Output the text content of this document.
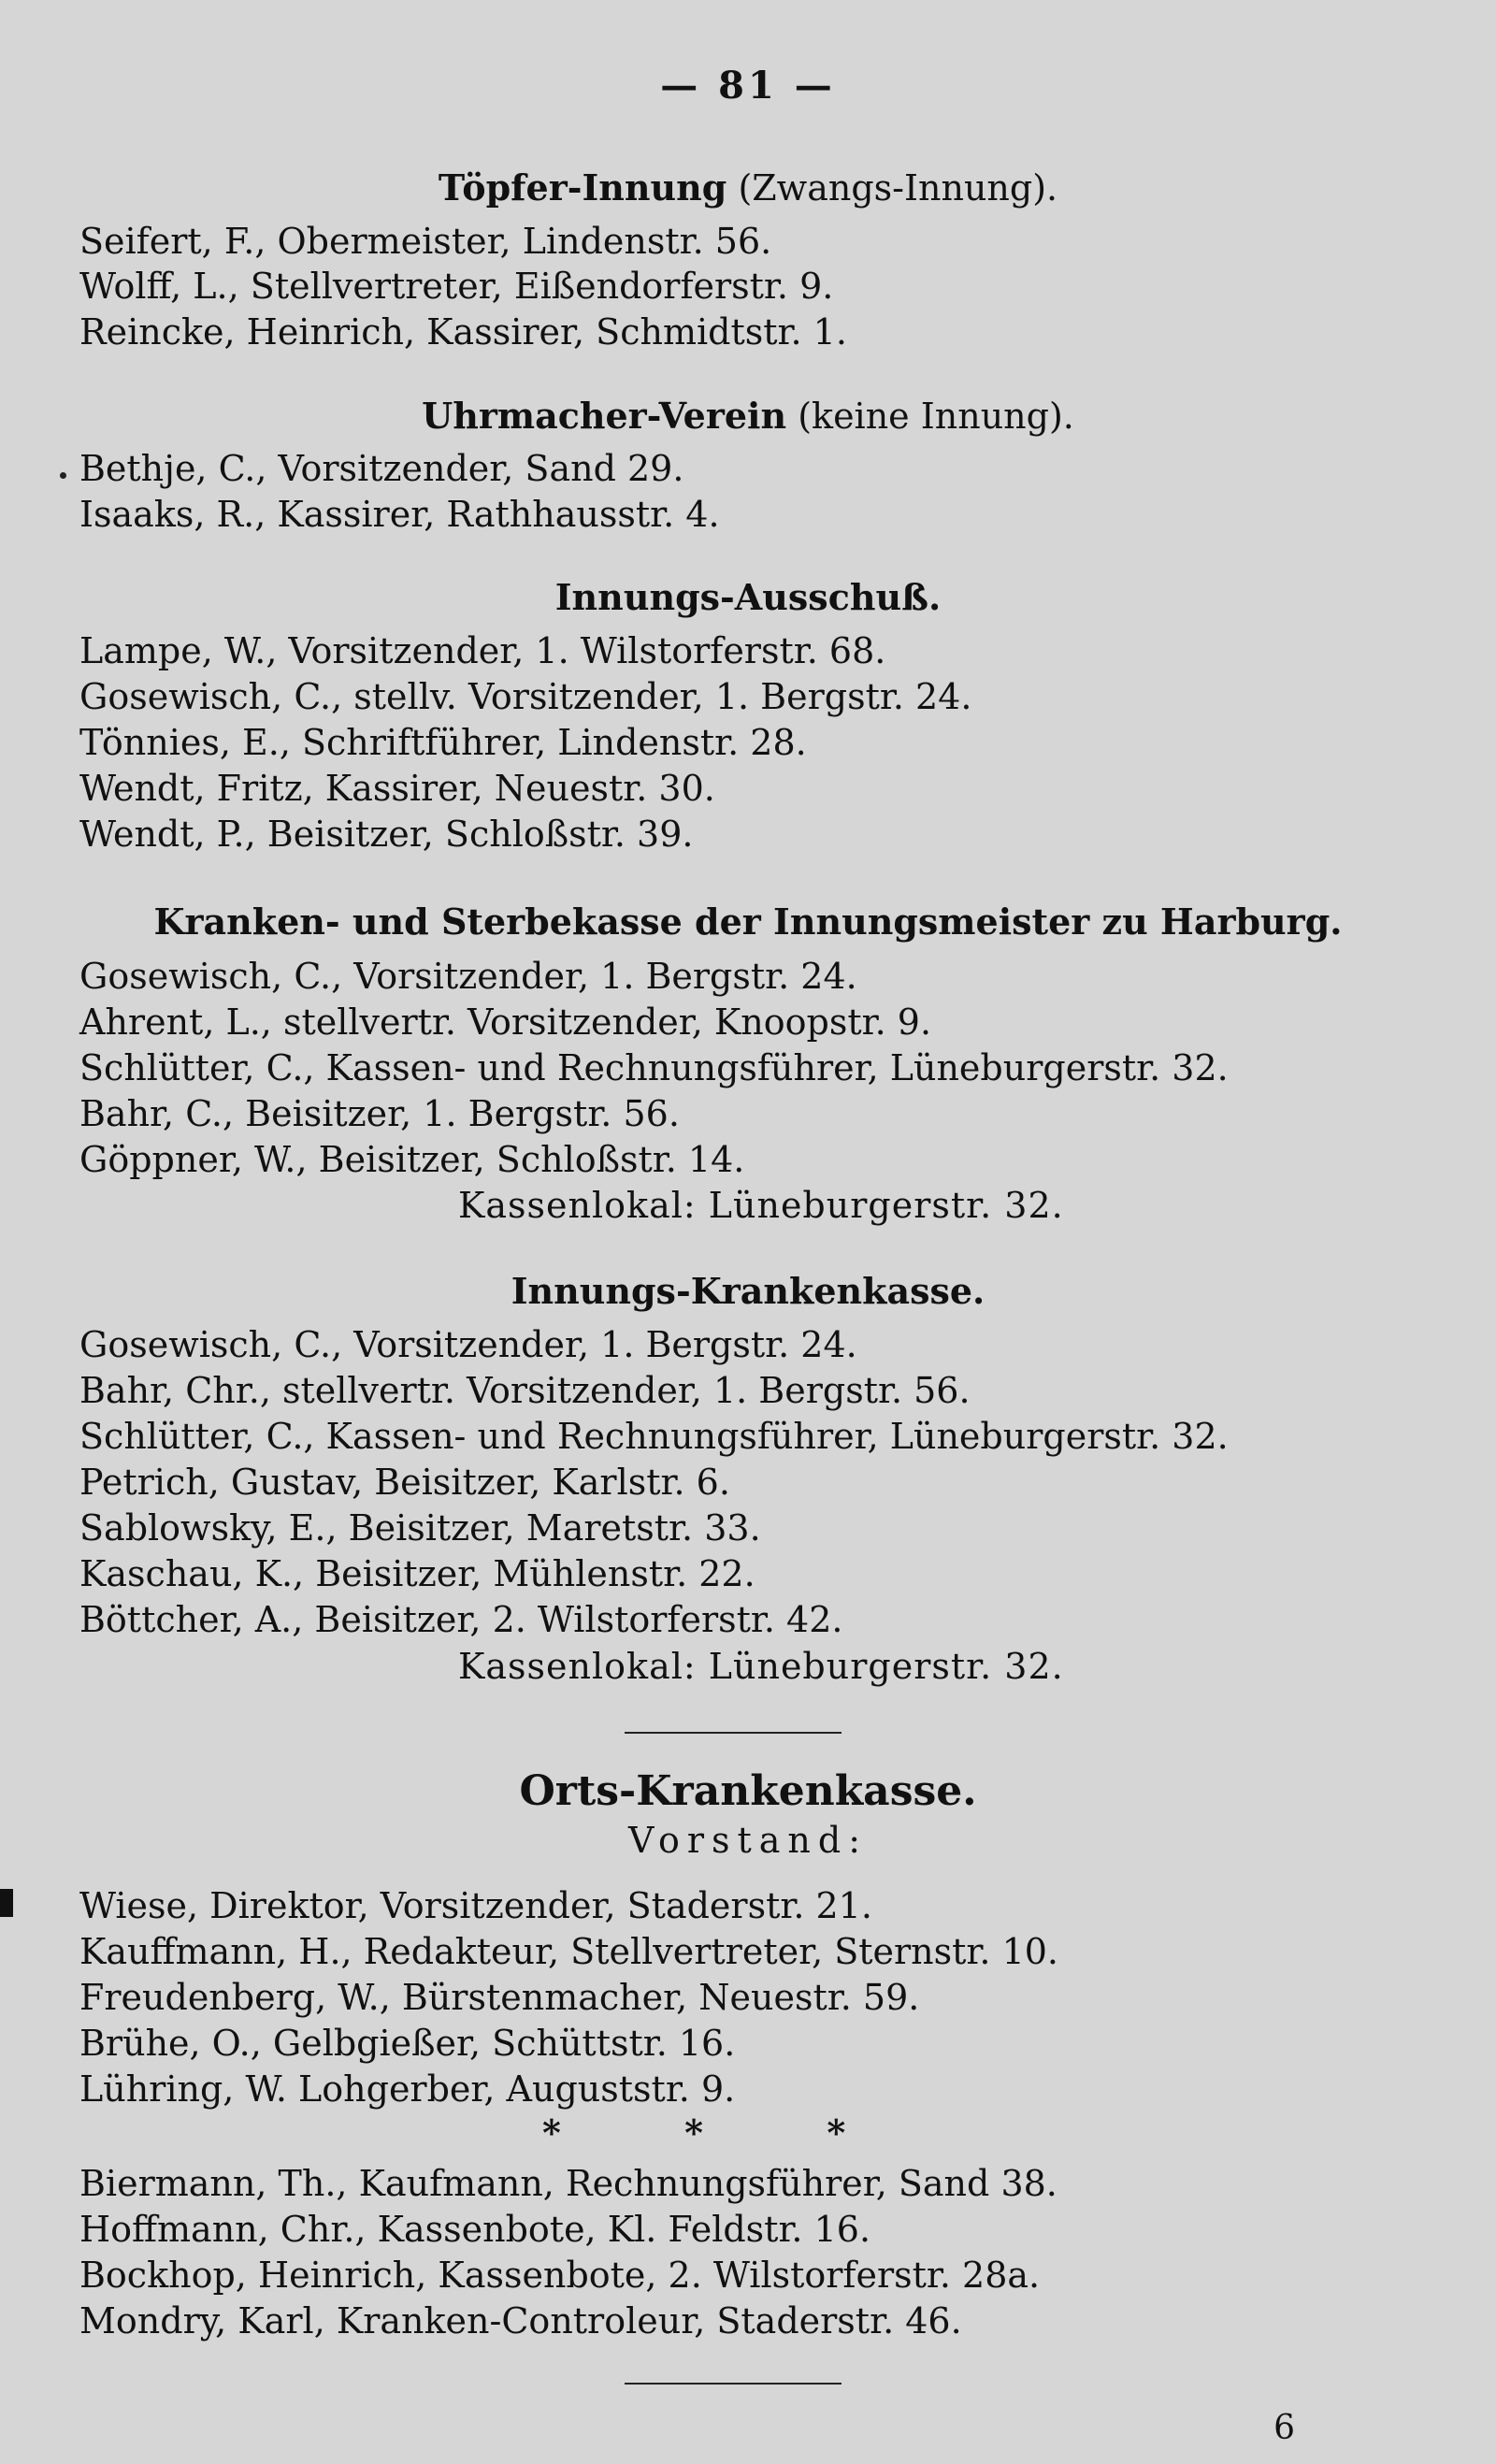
— 81 —
Töpfer-Innung (Zwangs-Innung).
Seifert, F., Obermeister, Lindenstr. 56.
Wolff, L., Stellvertreter, Eißendorferstr. 9.
Reincke, Heinrich, Kassirer, Schmidtstr. 1.
Uhrmacher-Verein (keine Innung).
Bethje, C., Vorsitzender, Sand 29.
Isaaks, R., Kassirer, Rathhausstr. 4.
Innungs-Ausschuß.
Lampe, W., Vorsitzender, 1. Wilstorferstr. 68.
Gosewisch, C., stellv. Vorsitzender, 1. Bergstr. 24.
Tönnies, E., Schriftführer, Lindenstr. 28.
Wendt, Fritz, Kassirer, Neuestr. 30.
Wendt, P., Beisitzer, Schloßstr. 39.
Kranken- und Sterbekasse der Innungsmeister zu Harburg.
Gosewisch, C., Vorsitzender, 1. Bergstr. 24.
Ahrent, L., stellvertr. Vorsitzender, Knoopstr. 9.
Schlütter, C., Kassen- und Rechnungsführer, Lüneburgerstr. 32.
Bahr, C., Beisitzer, 1. Bergstr. 56.
Göppner, W., Beisitzer, Schloßstr. 14.
Kassenlokal: Lüneburgerstr. 32.
Innungs-Krankenkasse.
Gosewisch, C., Vorsitzender, 1. Bergstr. 24.
Bahr, Chr., stellvertr. Vorsitzender, 1. Bergstr. 56.
Schlütter, C., Kassen- und Rechnungsführer, Lüneburgerstr. 32.
Petrich, Gustav, Beisitzer, Karlstr. 6.
Sablowsky, E., Beisitzer, Maretstr. 33.
Kaschau, K., Beisitzer, Mühlenstr. 22.
Böttcher, A., Beisitzer, 2. Wilstorferstr. 42.
Kassenlokal: Lüneburgerstr. 32.
Orts-Krankenkasse.
Vorstand:
Wiese, Direktor, Vorsitzender, Staderstr. 21.
Kauffmann, H., Redakteur, Stellvertreter, Sternstr. 10.
Freudenberg, W., Bürstenmacher, Neuestr. 59.
Brühe, O., Gelbgießer, Schüttstr. 16.
Lühring, W. Lohgerber, Auguststr. 9.
*          *          *
Biermann, Th., Kaufmann, Rechnungsführer, Sand 38.
Hoffmann, Chr., Kassenbote, Kl. Feldstr. 16.
Bockhop, Heinrich, Kassenbote, 2. Wilstorferstr. 28a.
Mondry, Karl, Kranken-Controleur, Staderstr. 46.
6
